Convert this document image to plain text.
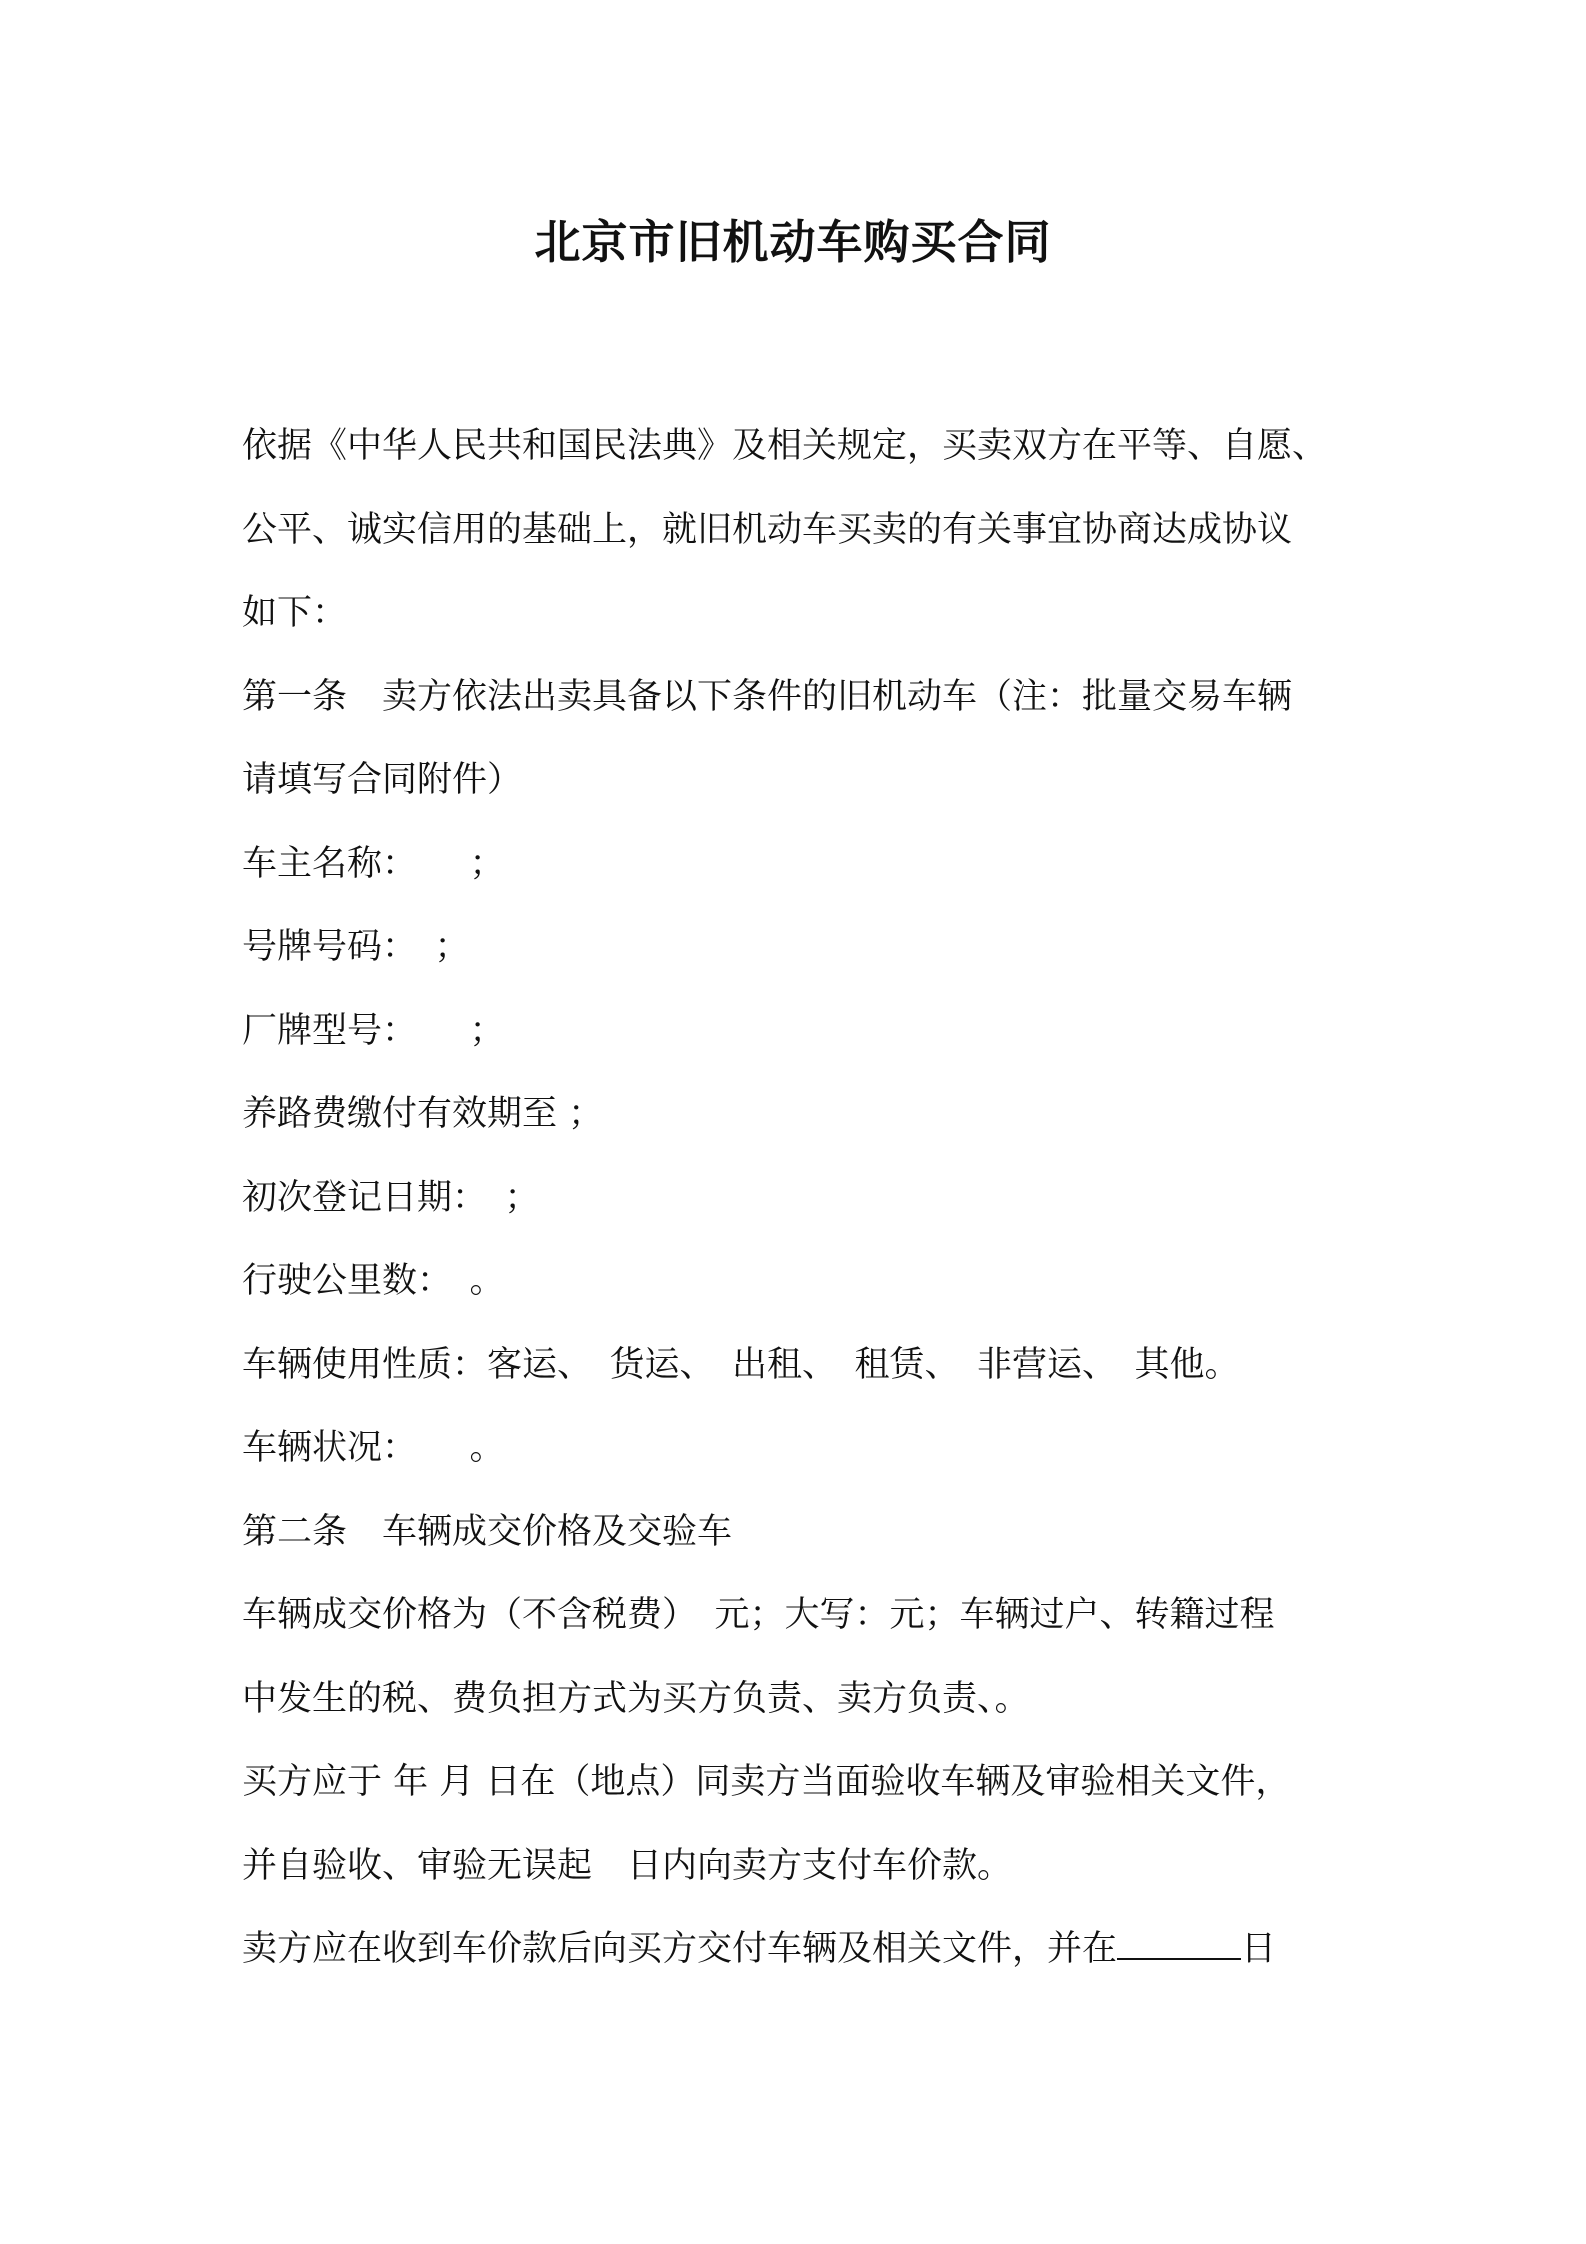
北京市旧机动车购买合同
依据《中华人民共和国民法典》及相关规定，买卖双方在平等、自愿、
公平、诚实信用的基础上，就旧机动车买卖的有关事宜协商达成协议
如下：
第一条　卖方依法出卖具备以下条件的旧机动车（注：批量交易车辆
请填写合同附件）
车主名称：　　；
号牌号码：　；
厂牌型号：　　；
养路费缴付有效期至 ；
初次登记日期：　；
行驶公里数：　。
车辆使用性质：客运、　货运、　出租、　租赁、　非营运、　其他。
车辆状况：　　。
第二条　车辆成交价格及交验车
车辆成交价格为（不含税费）　元；大写：元；车辆过户、转籍过程
中发生的税、费负担方式为买方负责、卖方负责、。
买方应于 年 月 日在（地点）同卖方当面验收车辆及审验相关文件，
并自验收、审验无误起　日内向卖方支付车价款。
卖方应在收到车价款后向买方交付车辆及相关文件，并在	日
